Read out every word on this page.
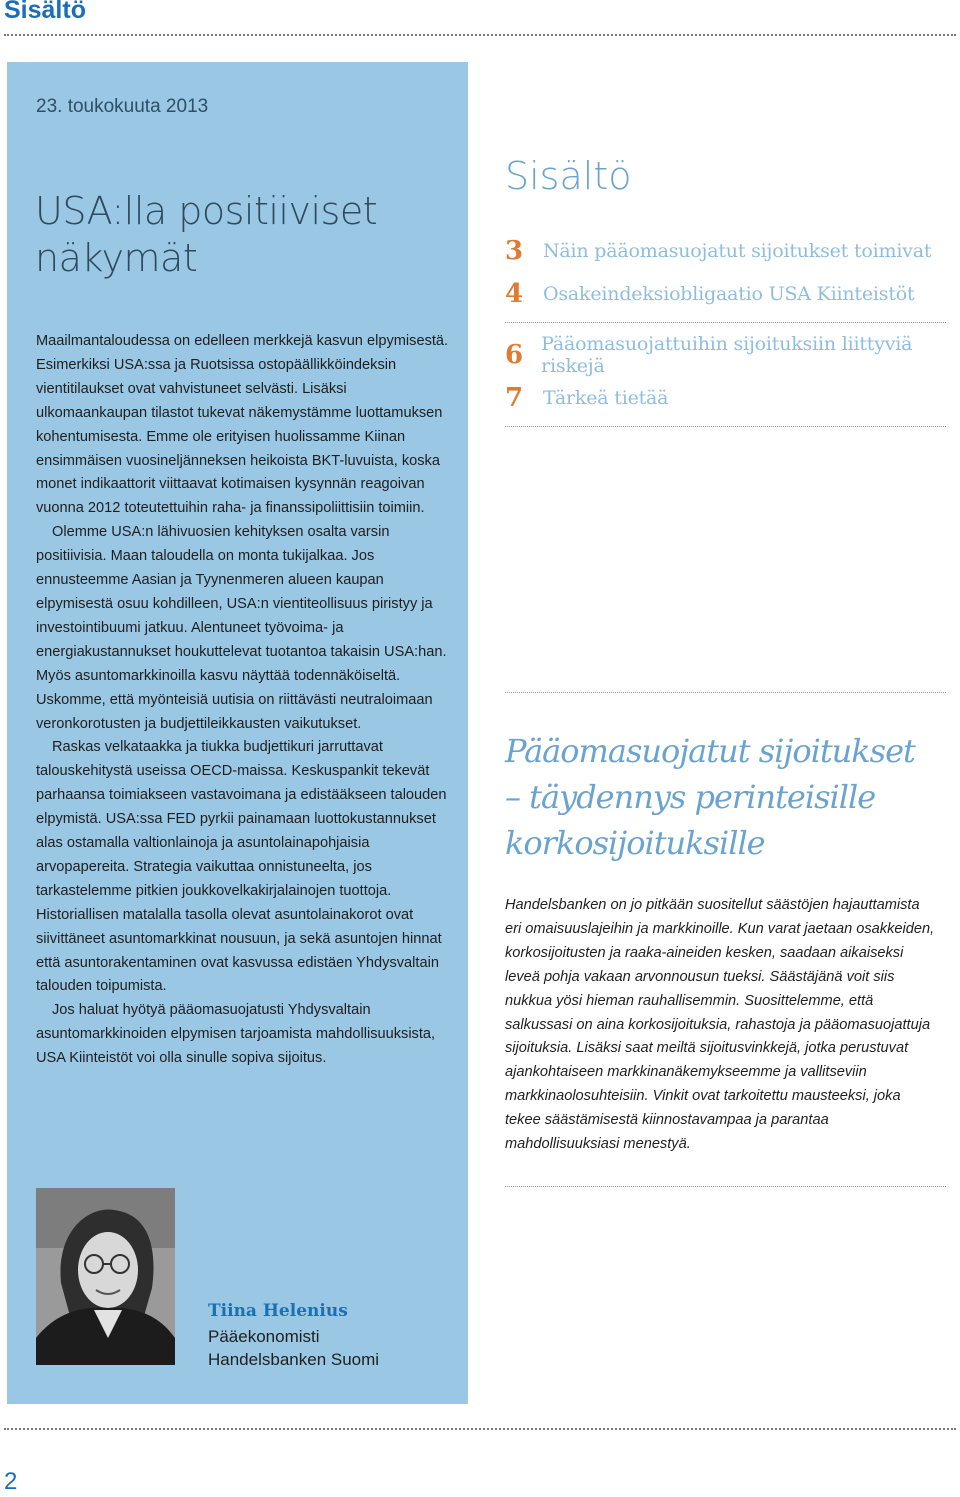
Sisältö
23. toukokuuta 2013
USA:lla positiiviset
näkymät

Maailmantaloudessa on edelleen merkkejä kasvun elpymisestä. Esimerkiksi USA:ssa ja Ruotsissa ostopäällikköindeksin vientitilaukset ovat vahvistuneet selvästi. Lisäksi ulkomaankaupan tilastot tukevat näkemystämme luottamuksen kohentumisesta. Emme ole erityisen huolissamme Kiinan ensimmäisen vuosineljänneksen heikoista BKT-luvuista, koska monet indikaattorit viittaavat kotimaisen kysynnän reagoivan vuonna 2012 toteutettuihin raha- ja finanssipoliittisiin toimiin.

Olemme USA:n lähivuosien kehityksen osalta varsin positiivisia. Maan taloudella on monta tukijalkaa. Jos ennusteemme Aasian ja Tyynenmeren alueen kaupan elpymisestä osuu kohdilleen, USA:n vientiteollisuus piristyy ja investointibuumi jatkuu. Alentuneet työvoima- ja energiakustannukset houkuttelevat tuotantoa takaisin USA:han. Myös asuntomarkkinoilla kasvu näyttää todennäköiseltä. Uskomme, että myönteisiä uutisia on riittävästi neutraloimaan veronkorotusten ja budjettileikkausten vaikutukset.

Raskas velkataakka ja tiukka budjettikuri jarruttavat talouskehitystä useissa OECD-maissa. Keskuspankit tekevät parhaansa toimiakseen vastavoimana ja edistääkseen talouden elpymistä. USA:ssa FED pyrkii painamaan luottokustannukset alas ostamalla valtionlainoja ja asuntolainapohjaisia arvopapereita. Strategia vaikuttaa onnistuneelta, jos tarkastelemme pitkien joukkovelkakirjalainojen tuottoja. Historiallisen matalalla tasolla olevat asuntolainakorot ovat siivittäneet asuntomarkkinat nousuun, ja sekä asuntojen hinnat että asuntorakentaminen ovat kasvussa edistäen Yhdysvaltain talouden toipumista.

Jos haluat hyötyä pääomasuojatusti Yhdysvaltain asuntomarkkinoiden elpymisen tarjoamista mahdollisuuksista, USA Kiinteistöt voi olla sinulle sopiva sijoitus.

Tiina Helenius
Pääekonomisti
Handelsbanken Suomi
Sisältö
3	Näin pääomasuojatut sijoitukset toimivat
4	Osakeindeksiobligaatio USA Kiinteistöt
6 Pääomasuojattuihin sijoituksiin liittyviä riskejä
7	Tärkeä tietää
Pääomasuojatut sijoitukset
– täydennys perinteisille
korkosijoituksille
Handelsbanken on jo pitkään suositellut säästöjen hajauttamista eri omaisuuslajeihin ja markkinoille. Kun varat jaetaan osakkeiden, korkosijoitusten ja raaka-aineiden kesken, saadaan aikaiseksi leveä pohja vakaan arvonnousun tueksi. Säästäjänä voit siis nukkua yösi hieman rauhallisemmin. Suosittelemme, että salkussasi on aina korkosijoituksia, rahastoja ja pääomasuojattuja sijoituksia. Lisäksi saat meiltä sijoitusvinkkejä, jotka perustuvat ajankohtaiseen markkinanäkemykseemme ja vallitseviin markkinaolosuhteisiin. Vinkit ovat tarkoitettu mausteeksi, joka tekee säästämisestä kiinnostavampaa ja parantaa mahdollisuuksiasi menestyä.
2
